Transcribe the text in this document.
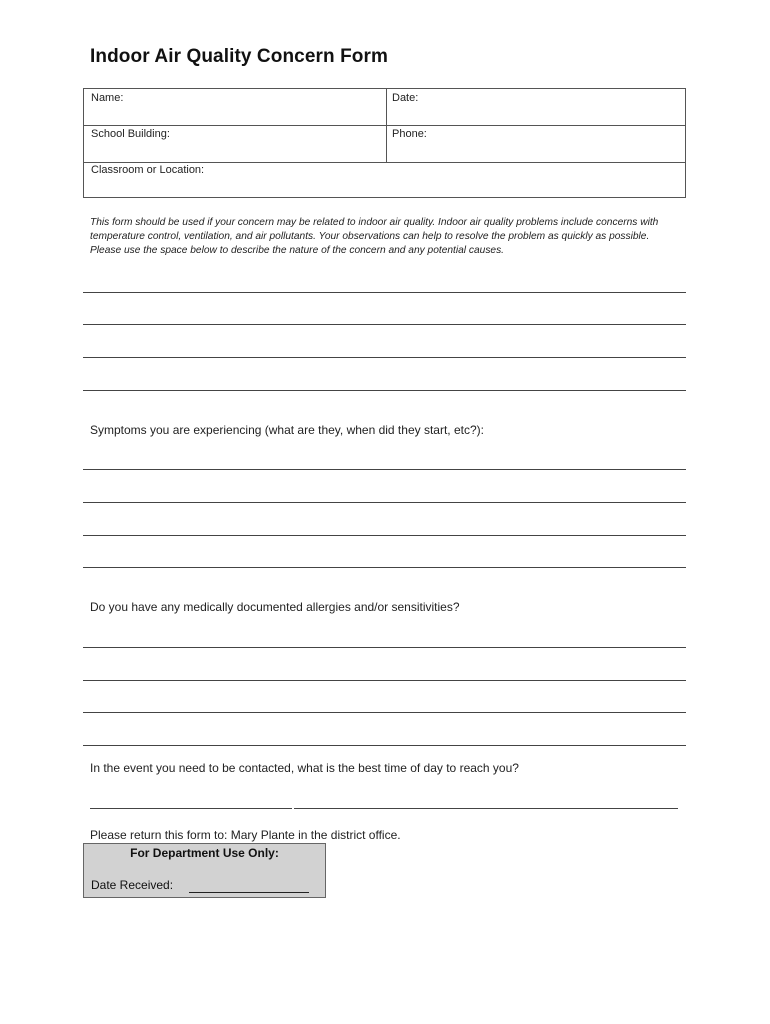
Indoor Air Quality Concern Form
Name:	Date:
School Building:	Phone:
Classroom or Location:
This form should be used if your concern may be related to indoor air quality. Indoor air quality problems include concerns with temperature control, ventilation, and air pollutants. Your observations can help to resolve the problem as quickly as possible. Please use the space below to describe the nature of the concern and any potential causes.
Symptoms you are experiencing (what are they, when did they start, etc?):
Do you have any medically documented allergies and/or sensitivities?
In the event you need to be contacted, what is the best time of day to reach you?
Please return this form to: Mary Plante in the district office.
For Department Use Only:
Date Received:
